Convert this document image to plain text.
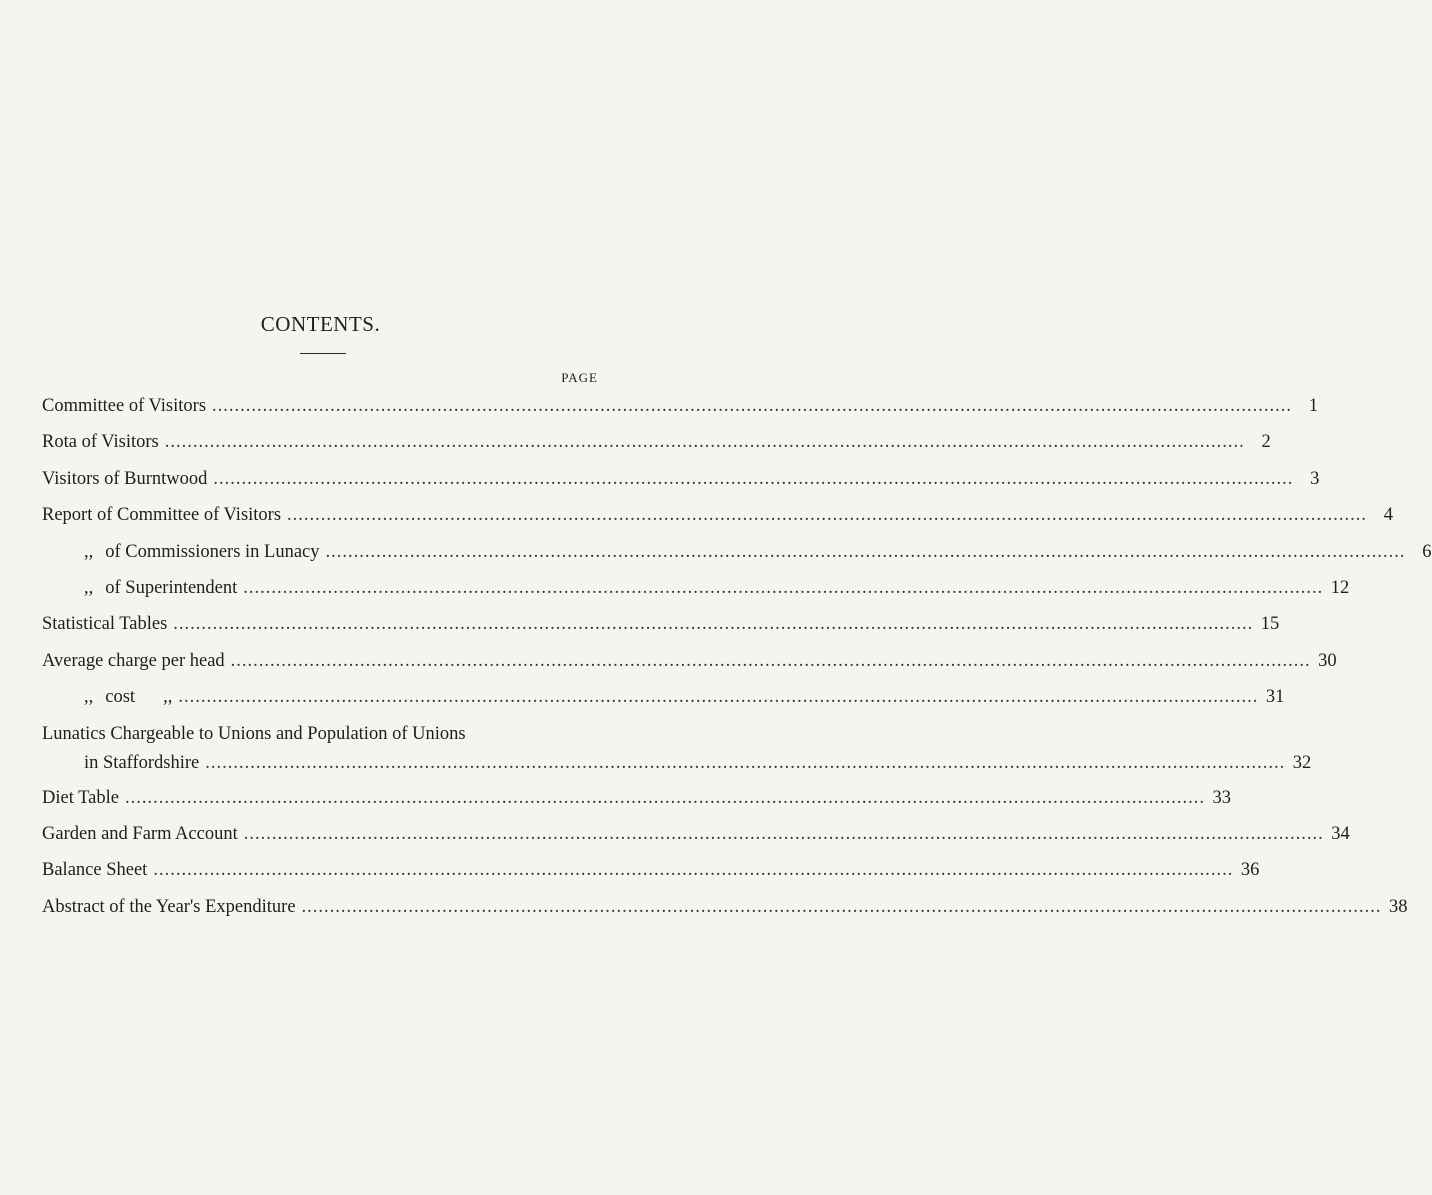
CONTENTS.
PAGE
Committee of Visitors ................................................................................................................................................................................................ 1
Rota of Visitors ................................................................................................................................................................................................ 2
Visitors of Burntwood ................................................................................................................................................................................................ 3
Report of Committee of Visitors ................................................................................................................................................................................................ 4
,, of Commissioners in Lunacy ................................................................................................................................................................................................ 6
,, of Superintendent ................................................................................................................................................................................................ 12
Statistical Tables ................................................................................................................................................................................................ 15
Average charge per head ................................................................................................................................................................................................ 30
,, cost ,, ................................................................................................................................................................................................ 31
Lunatics Chargeable to Unions and Population of Unions
in Staffordshire ................................................................................................................................................................................................ 32
Diet Table ................................................................................................................................................................................................ 33
Garden and Farm Account ................................................................................................................................................................................................ 34
Balance Sheet ................................................................................................................................................................................................ 36
Abstract of the Year's Expenditure ................................................................................................................................................................................................ 38
